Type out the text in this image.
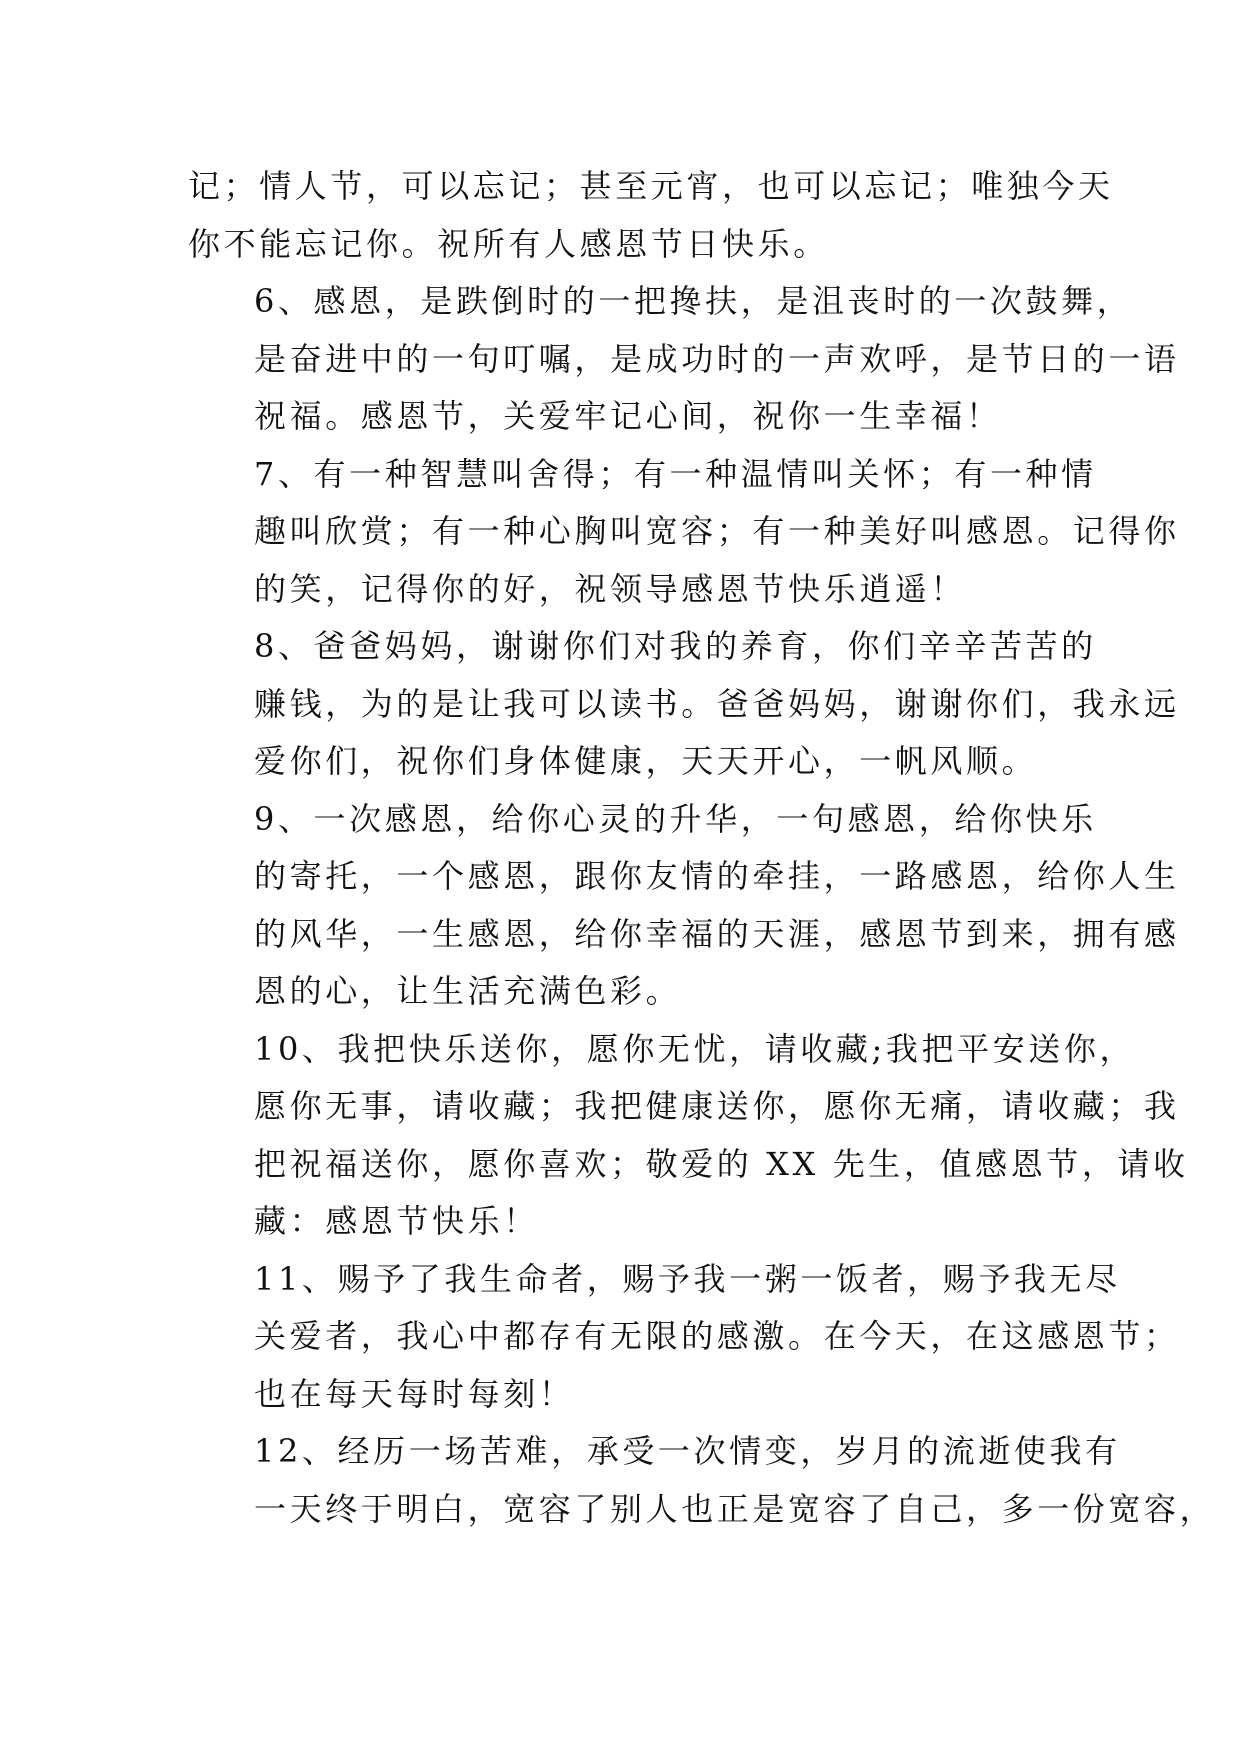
记；情人节，可以忘记；甚至元宵，也可以忘记；唯独今天
你不能忘记你。祝所有人感恩节日快乐。

6、感恩，是跌倒时的一把搀扶，是沮丧时的一次鼓舞，
是奋进中的一句叮嘱，是成功时的一声欢呼，是节日的一语
祝福。感恩节，关爱牢记心间，祝你一生幸福！

7、有一种智慧叫舍得；有一种温情叫关怀；有一种情
趣叫欣赏；有一种心胸叫宽容；有一种美好叫感恩。记得你
的笑，记得你的好，祝领导感恩节快乐逍遥！

8、爸爸妈妈，谢谢你们对我的养育，你们辛辛苦苦的
赚钱，为的是让我可以读书。爸爸妈妈，谢谢你们，我永远
爱你们，祝你们身体健康，天天开心，一帆风顺。

9、一次感恩，给你心灵的升华，一句感恩，给你快乐
的寄托，一个感恩，跟你友情的牵挂，一路感恩，给你人生
的风华，一生感恩，给你幸福的天涯，感恩节到来，拥有感
恩的心，让生活充满色彩。

10、我把快乐送你，愿你无忧，请收藏;我把平安送你，
愿你无事，请收藏；我把健康送你，愿你无痛，请收藏；我
把祝福送你，愿你喜欢；敬爱的 XX 先生，值感恩节，请收
藏：感恩节快乐！

11、赐予了我生命者，赐予我一粥一饭者，赐予我无尽
关爱者，我心中都存有无限的感激。在今天，在这感恩节；
也在每天每时每刻！

12、经历一场苦难，承受一次情变，岁月的流逝使我有
一天终于明白，宽容了别人也正是宽容了自己，多一份宽容，
